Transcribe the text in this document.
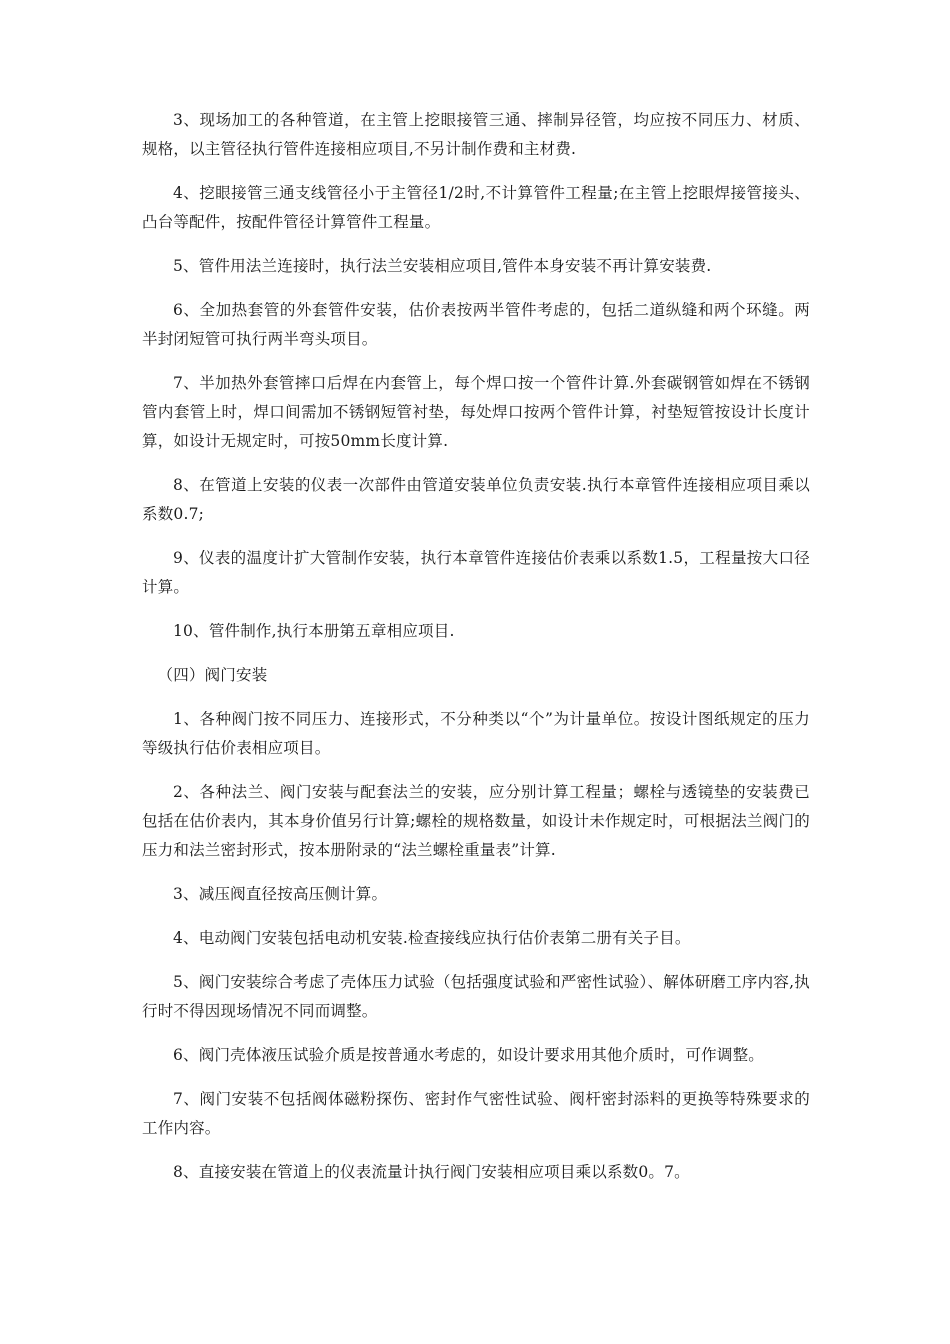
3、现场加工的各种管道，在主管上挖眼接管三通、摔制异径管，均应按不同压力、材质、规格，以主管径执行管件连接相应项目,不另计制作费和主材费.

4、挖眼接管三通支线管径小于主管径1/2时,不计算管件工程量;在主管上挖眼焊接管接头、凸台等配件，按配件管径计算管件工程量。

5、管件用法兰连接时，执行法兰安装相应项目,管件本身安装不再计算安装费.

6、全加热套管的外套管件安装，估价表按两半管件考虑的，包括二道纵缝和两个环缝。两半封闭短管可执行两半弯头项目。

7、半加热外套管摔口后焊在内套管上，每个焊口按一个管件计算.外套碳钢管如焊在不锈钢管内套管上时，焊口间需加不锈钢短管衬垫，每处焊口按两个管件计算，衬垫短管按设计长度计算，如设计无规定时，可按50mm长度计算.

8、在管道上安装的仪表一次部件由管道安装单位负责安装.执行本章管件连接相应项目乘以系数0.7;

9、仪表的温度计扩大管制作安装，执行本章管件连接估价表乘以系数1.5，工程量按大口径计算。

10、管件制作,执行本册第五章相应项目.

（四）阀门安装

1、各种阀门按不同压力、连接形式，不分种类以“个”为计量单位。按设计图纸规定的压力等级执行估价表相应项目。

2、各种法兰、阀门安装与配套法兰的安装，应分别计算工程量；螺栓与透镜垫的安装费已包括在估价表内，其本身价值另行计算;螺栓的规格数量，如设计未作规定时，可根据法兰阀门的压力和法兰密封形式，按本册附录的“法兰螺栓重量表”计算.

3、减压阀直径按高压侧计算。

4、电动阀门安装包括电动机安装.检查接线应执行估价表第二册有关子目。

5、阀门安装综合考虑了壳体压力试验（包括强度试验和严密性试验）、解体研磨工序内容,执行时不得因现场情况不同而调整。

6、阀门壳体液压试验介质是按普通水考虑的，如设计要求用其他介质时，可作调整。

7、阀门安装不包括阀体磁粉探伤、密封作气密性试验、阀杆密封添料的更换等特殊要求的工作内容。

8、直接安装在管道上的仪表流量计执行阀门安装相应项目乘以系数0。7。
